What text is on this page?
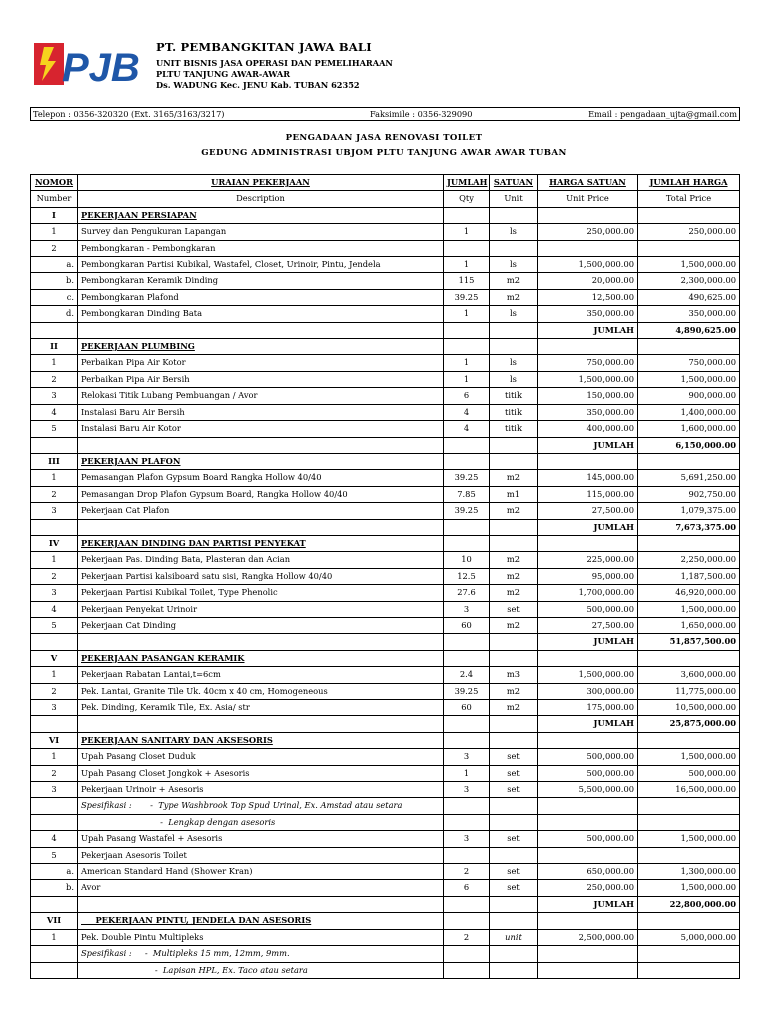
PJB PT. PEMBANGKITAN JAWA BALI
UNIT BISNIS JASA OPERASI DAN PEMELIHARAAN
PLTU TANJUNG AWAR-AWAR
Ds. WADUNG Kec. JENU Kab. TUBAN 62352
Telepon : 0356-320320 (Ext. 3165/3163/3217)	Faksimile : 0356-329090	Email : pengadaan_ujta@gmail.com
PENGADAAN JASA RENOVASI TOILET
GEDUNG ADMINISTRASI UBJOM PLTU TANJUNG AWAR AWAR TUBAN
NOMOR	URAIAN PEKERJAAN	JUMLAH	SATUAN	HARGA SATUAN	JUMLAH HARGA
Number	Description	Qty	Unit	Unit Price	Total Price
I	PEKERJAAN PERSIAPAN				
1	Survey dan Pengukuran Lapangan	1	ls	250,000.00	250,000.00
2	Pembongkaran - Pembongkaran				
a.	Pembongkaran Partisi Kubikal, Wastafel, Closet, Urinoir, Pintu, Jendela	1	ls	1,500,000.00	1,500,000.00
b.	Pembongkaran Keramik Dinding	115	m2	20,000.00	2,300,000.00
c.	Pembongkaran Plafond	39.25	m2	12,500.00	490,625.00
d.	Pembongkaran Dinding Bata	1	ls	350,000.00	350,000.00
				JUMLAH	4,890,625.00
II	PEKERJAAN PLUMBING				
1	Perbaikan Pipa Air Kotor	1	ls	750,000.00	750,000.00
2	Perbaikan Pipa Air Bersih	1	ls	1,500,000.00	1,500,000.00
3	Relokasi Titik Lubang Pembuangan / Avor	6	titik	150,000.00	900,000.00
4	Instalasi Baru Air Bersih	4	titik	350,000.00	1,400,000.00
5	Instalasi Baru Air Kotor	4	titik	400,000.00	1,600,000.00
				JUMLAH	6,150,000.00
III	PEKERJAAN PLAFON				
1	Pemasangan Plafon Gypsum Board Rangka Hollow 40/40	39.25	m2	145,000.00	5,691,250.00
2	Pemasangan Drop Plafon Gypsum Board, Rangka Hollow 40/40	7.85	m1	115,000.00	902,750.00
3	Pekerjaan Cat Plafon	39.25	m2	27,500.00	1,079,375.00
				JUMLAH	7,673,375.00
IV	PEKERJAAN DINDING DAN PARTISI PENYEKAT				
1	Pekerjaan Pas. Dinding Bata, Plasteran dan Acian	10	m2	225,000.00	2,250,000.00
2	Pekerjaan Partisi kalsiboard satu sisi, Rangka Hollow 40/40	12.5	m2	95,000.00	1,187,500.00
3	Pekerjaan Partisi Kubikal Toilet, Type Phenolic	27.6	m2	1,700,000.00	46,920,000.00
4	Pekerjaan Penyekat Urinoir	3	set	500,000.00	1,500,000.00
5	Pekerjaan Cat Dinding	60	m2	27,500.00	1,650,000.00
				JUMLAH	51,857,500.00
V	PEKERJAAN PASANGAN KERAMIK				
1	Pekerjaan Rabatan Lantai,t=6cm	2.4	m3	1,500,000.00	3,600,000.00
2	Pek. Lantai, Granite Tile Uk. 40cm x 40 cm, Homogeneous	39.25	m2	300,000.00	11,775,000.00
3	Pek. Dinding, Keramik Tile, Ex. Asia/ str	60	m2	175,000.00	10,500,000.00
				JUMLAH	25,875,000.00
VI	PEKERJAAN SANITARY DAN AKSESORIS				
1	Upah Pasang Closet Duduk	3	set	500,000.00	1,500,000.00
2	Upah Pasang Closet Jongkok + Asesoris	1	set	500,000.00	500,000.00
3	Pekerjaan Urinoir + Asesoris	3	set	5,500,000.00	16,500,000.00
	Spesifikasi :       -  Type Washbrook Top Spud Urinal, Ex. Amstad atau setara				
	-  Lengkap dengan asesoris				
4	Upah Pasang Wastafel + Asesoris	3	set	500,000.00	1,500,000.00
5	Pekerjaan Asesoris Toilet				
a.	American Standard Hand (Shower Kran)	2	set	650,000.00	1,300,000.00
b.	Avor	6	set	250,000.00	1,500,000.00
				JUMLAH	22,800,000.00
VII	PEKERJAAN PINTU, JENDELA DAN ASESORIS				
1	Pek. Double Pintu Multipleks	2	unit	2,500,000.00	5,000,000.00
	Spesifikasi :     -  Multipleks 15 mm, 12mm, 9mm.				
	-  Lapisan HPL, Ex. Taco atau setara				
